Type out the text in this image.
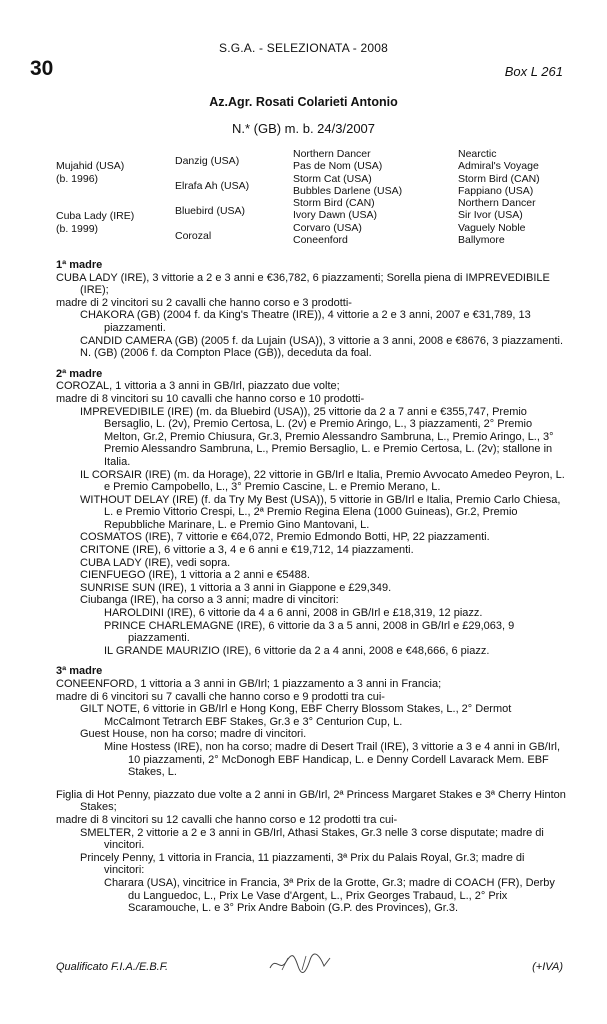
S.G.A. - SELEZIONATA - 2008
30	Box L 261
Az.Agr. Rosati Colarieti Antonio
N.* (GB) m. b. 24/3/2007
Mujahid (USA)
(b. 1996)
Cuba Lady (IRE)
(b. 1999)
Danzig (USA)
Elrafa Ah (USA)
Bluebird (USA)
Corozal
Northern Dancer
Pas de Nom (USA)
Storm Cat (USA)
Bubbles Darlene (USA)
Storm Bird (CAN)
Ivory Dawn (USA)
Corvaro (USA)
Coneenford
Nearctic
Admiral's Voyage
Storm Bird (CAN)
Fappiano (USA)
Northern Dancer
Sir Ivor (USA)
Vaguely Noble
Ballymore

1ª madre

CUBA LADY (IRE), 3 vittorie a 2 e 3 anni e €36,782, 6 piazzamenti; Sorella piena di IMPREVEDIBILE (IRE);

madre di 2 vincitori su 2 cavalli che hanno corso e 3 prodotti-

CHAKORA (GB) (2004 f. da King's Theatre (IRE)), 4 vittorie a 2 e 3 anni, 2007 e €31,789, 13 piazzamenti.

CANDID CAMERA (GB) (2005 f. da Lujain (USA)), 3 vittorie a 3 anni, 2008 e €8676, 3 piazzamenti.

N. (GB) (2006 f. da Compton Place (GB)), deceduta da foal.

2ª madre

COROZAL, 1 vittoria a 3 anni in GB/Irl, piazzato due volte;

madre di 8 vincitori su 10 cavalli che hanno corso e 10 prodotti-

IMPREVEDIBILE (IRE) (m. da Bluebird (USA)), 25 vittorie da 2 a 7 anni e €355,747, Premio Bersaglio, L. (2v), Premio Certosa, L. (2v) e Premio Aringo, L., 3 piazzamenti, 2° Premio Melton, Gr.2, Premio Chiusura, Gr.3, Premio Alessandro Sambruna, L., Premio Aringo, L., 3° Premio Alessandro Sambruna, L., Premio Bersaglio, L. e Premio Certosa, L. (2v); stallone in Italia.

IL CORSAIR (IRE) (m. da Horage), 22 vittorie in GB/Irl e Italia, Premio Avvocato Amedeo Peyron, L. e Premio Campobello, L., 3° Premio Cascine, L. e Premio Merano, L.

WITHOUT DELAY (IRE) (f. da Try My Best (USA)), 5 vittorie in GB/Irl e Italia, Premio Carlo Chiesa, L. e Premio Vittorio Crespi, L., 2ª Premio Regina Elena (1000 Guineas), Gr.2, Premio Repubbliche Marinare, L. e Premio Gino Mantovani, L.

COSMATOS (IRE), 7 vittorie e €64,072, Premio Edmondo Botti, HP, 22 piazzamenti.

CRITONE (IRE), 6 vittorie a 3, 4 e 6 anni e €19,712, 14 piazzamenti.

CUBA LADY (IRE), vedi sopra.

CIENFUEGO (IRE), 1 vittoria a 2 anni e €5488.

SUNRISE SUN (IRE), 1 vittoria a 3 anni in Giappone e £29,349.

Ciubanga (IRE), ha corso a 3 anni; madre di vincitori:

HAROLDINI (IRE), 6 vittorie da 4 a 6 anni, 2008 in GB/Irl e £18,319, 12 piazz.

PRINCE CHARLEMAGNE (IRE), 6 vittorie da 3 a 5 anni, 2008 in GB/Irl e £29,063, 9 piazzamenti.

IL GRANDE MAURIZIO (IRE), 6 vittorie da 2 a 4 anni, 2008 e €48,666, 6 piazz.

3ª madre

CONEENFORD, 1 vittoria a 3 anni in GB/Irl; 1 piazzamento a 3 anni in Francia;

madre di 6 vincitori su 7 cavalli che hanno corso e 9 prodotti tra cui-

GILT NOTE, 6 vittorie in GB/Irl e Hong Kong, EBF Cherry Blossom Stakes, L., 2° Dermot McCalmont Tetrarch EBF Stakes, Gr.3 e 3° Centurion Cup, L.

Guest House, non ha corso; madre di vincitori.

Mine Hostess (IRE), non ha corso; madre di Desert Trail (IRE), 3 vittorie a 3 e 4 anni in GB/Irl, 10 piazzamenti, 2° McDonogh EBF Handicap, L. e Denny Cordell Lavarack Mem. EBF Stakes, L.

Figlia di Hot Penny, piazzato due volte a 2 anni in GB/Irl, 2ª Princess Margaret Stakes e 3ª Cherry Hinton Stakes;

madre di 8 vincitori su 12 cavalli che hanno corso e 12 prodotti tra cui-

SMELTER, 2 vittorie a 2 e 3 anni in GB/Irl, Athasi Stakes, Gr.3 nelle 3 corse disputate; madre di vincitori.

Princely Penny, 1 vittoria in Francia, 11 piazzamenti, 3ª Prix du Palais Royal, Gr.3; madre di vincitori:

Charara (USA), vincitrice in Francia, 3ª Prix de la Grotte, Gr.3; madre di COACH (FR), Derby du Languedoc, L., Prix Le Vase d'Argent, L., Prix Georges Trabaud, L., 2° Prix Scaramouche, L. e 3° Prix Andre Baboin (G.P. des Provinces), Gr.3.

Qualificato F.I.A./E.B.F.	(+IVA)
